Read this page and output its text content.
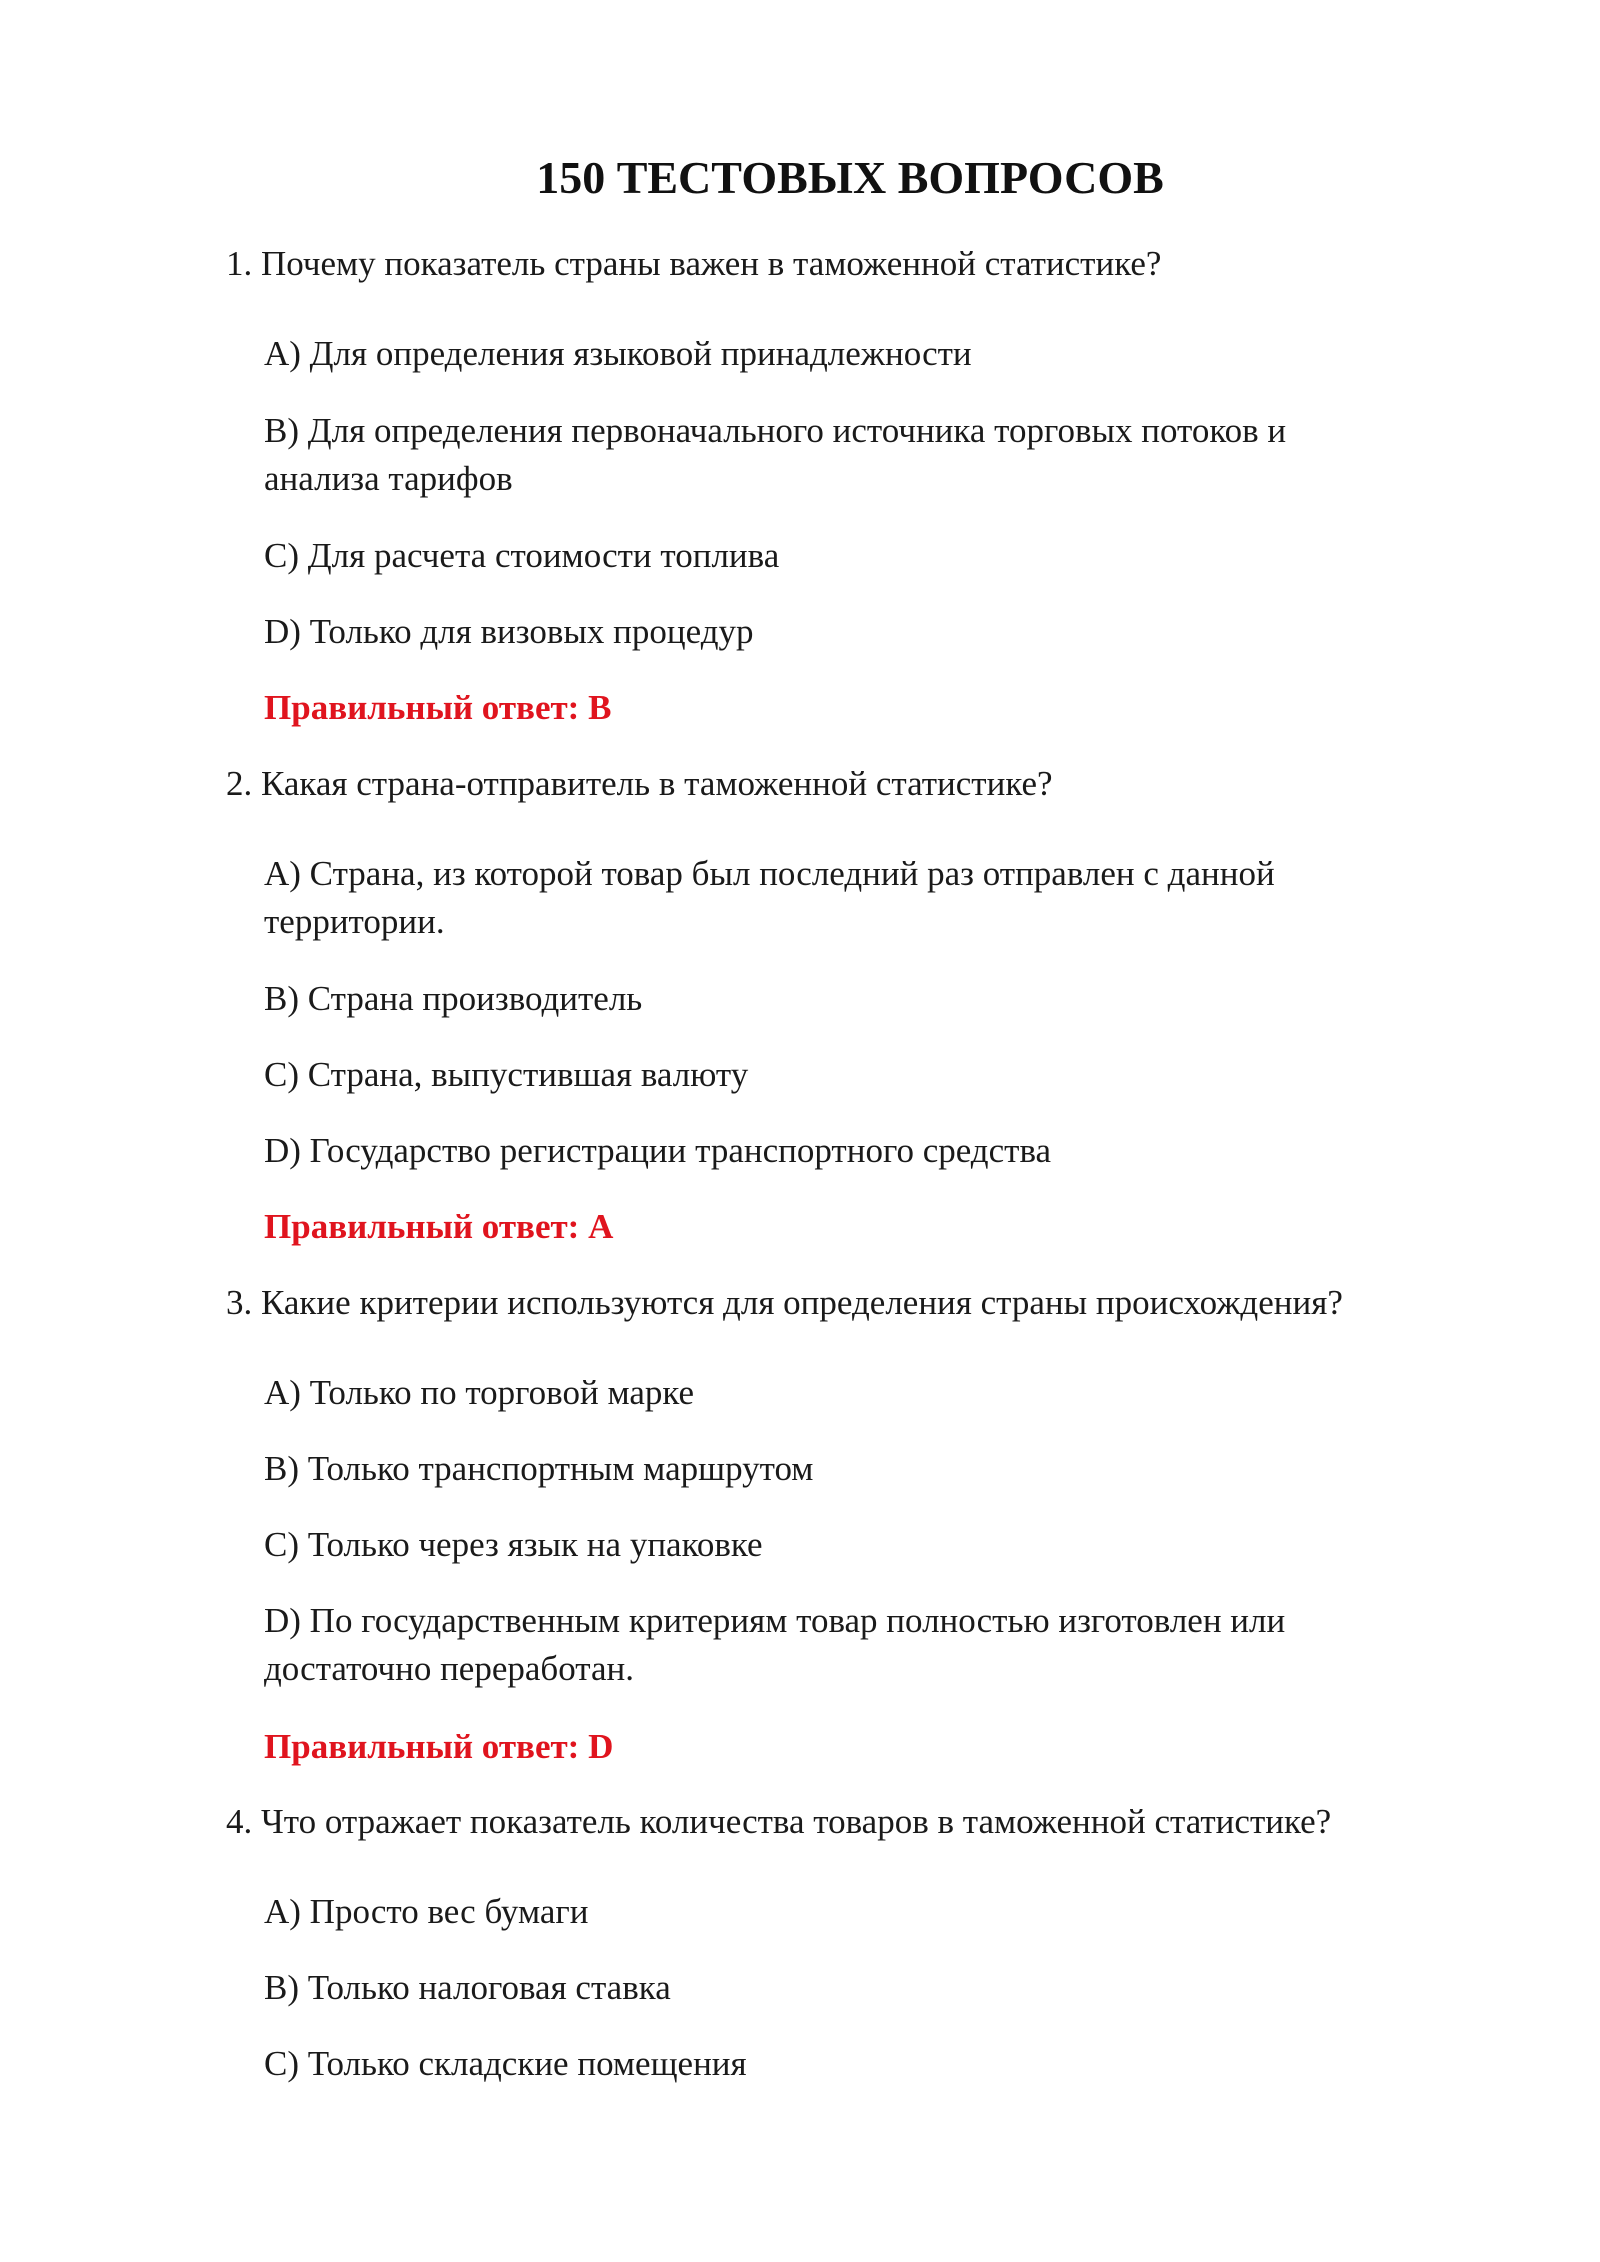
150 ТЕСТОВЫХ ВОПРОСОВ
1. Почему показатель страны важен в таможенной статистике?
A) Для определения языковой принадлежности
B) Для определения первоначального источника торговых потоков и анализа тарифов
C) Для расчета стоимости топлива
D) Только для визовых процедур
Правильный ответ: B
2. Какая страна-отправитель в таможенной статистике?
A) Страна, из которой товар был последний раз отправлен с данной территории.
B) Страна производитель
C) Страна, выпустившая валюту
D) Государство регистрации транспортного средства
Правильный ответ: A
3. Какие критерии используются для определения страны происхождения?
A) Только по торговой марке
B) Только транспортным маршрутом
C) Только через язык на упаковке
D) По государственным критериям товар полностью изготовлен или достаточно переработан.
Правильный ответ: D
4. Что отражает показатель количества товаров в таможенной статистике?
A) Просто вес бумаги
B) Только налоговая ставка
C) Только складские помещения
